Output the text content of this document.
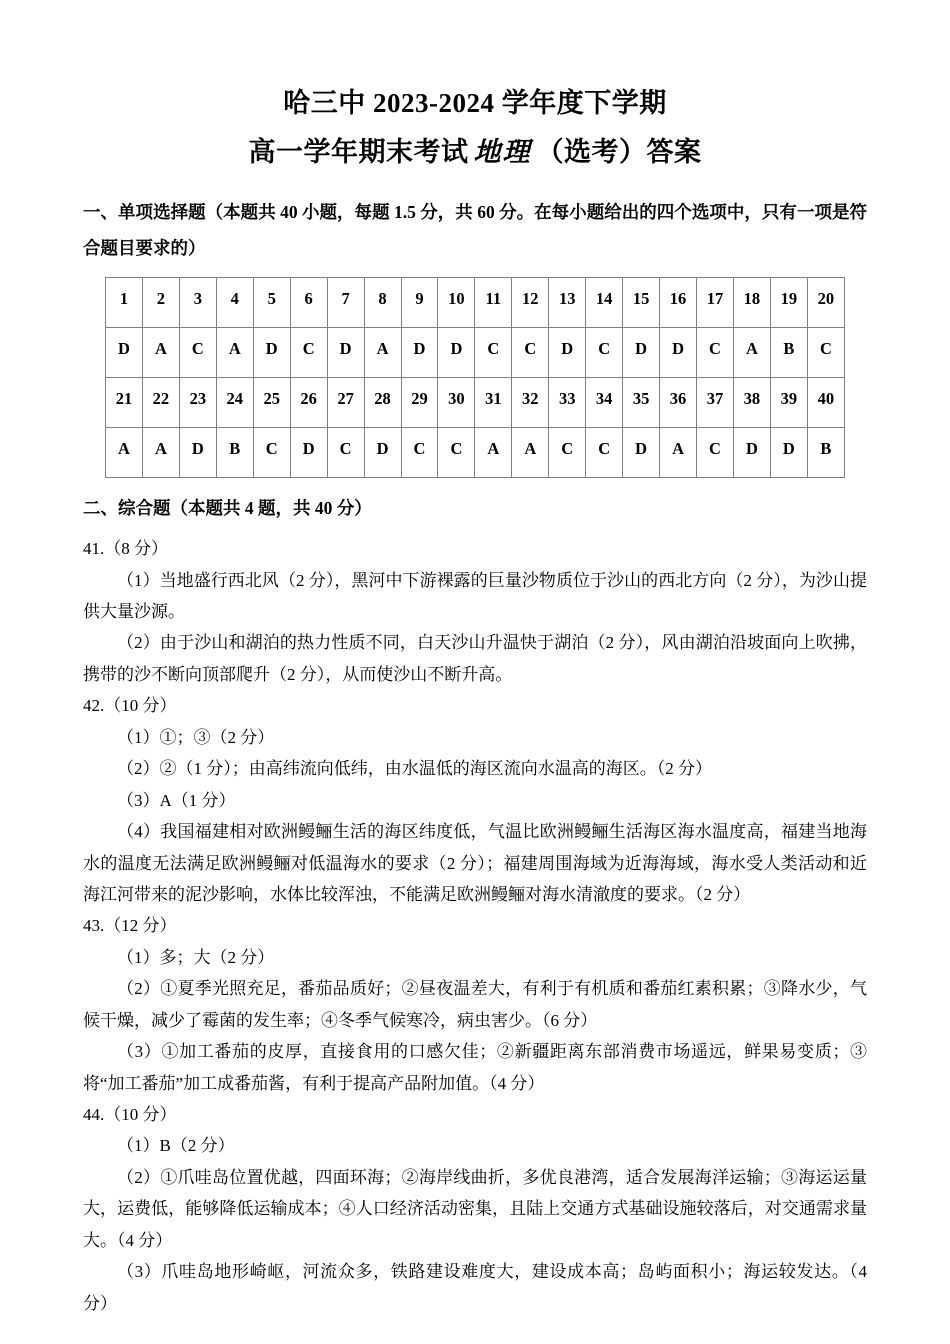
哈三中 2023-2024 学年度下学期
高一学年期末考试 地理 （选考）答案
一、单项选择题（本题共 40 小题，每题 1.5 分，共 60 分。在每小题给出的四个选项中，只有一项是符合题目要求的）
1	2	3	4	5	6	7	8	9	10	11	12	13	14	15	16	17	18	19	20
D	A	C	A	D	C	D	A	D	D	C	C	D	C	D	D	C	A	B	C
21	22	23	24	25	26	27	28	29	30	31	32	33	34	35	36	37	38	39	40
A	A	D	B	C	D	C	D	C	C	A	A	C	C	D	A	C	D	D	B
二、综合题（本题共 4 题，共 40 分）

41.（8 分）

（1）当地盛行西北风（2 分），黑河中下游裸露的巨量沙物质位于沙山的西北方向（2 分），为沙山提供大量沙源。

（2）由于沙山和湖泊的热力性质不同，白天沙山升温快于湖泊（2 分），风由湖泊沿坡面向上吹拂，携带的沙不断向顶部爬升（2 分），从而使沙山不断升高。

42.（10 分）

（1）①；③（2 分）

（2）②（1 分）；由高纬流向低纬，由水温低的海区流向水温高的海区。（2 分）

（3）A（1 分）

（4）我国福建相对欧洲鳗鲡生活的海区纬度低，气温比欧洲鳗鲡生活海区海水温度高，福建当地海水的温度无法满足欧洲鳗鲡对低温海水的要求（2 分）；福建周围海域为近海海域，海水受人类活动和近海江河带来的泥沙影响，水体比较浑浊，不能满足欧洲鳗鲡对海水清澈度的要求。（2 分）

43.（12 分）

（1）多；大（2 分）

（2）①夏季光照充足，番茄品质好；②昼夜温差大，有利于有机质和番茄红素积累；③降水少，气候干燥，减少了霉菌的发生率；④冬季气候寒冷，病虫害少。（6 分）

（3）①加工番茄的皮厚，直接食用的口感欠佳；②新疆距离东部消费市场遥远，鲜果易变质；③将“加工番茄”加工成番茄酱，有利于提高产品附加值。（4 分）

44.（10 分）

（1）B（2 分）

（2）①爪哇岛位置优越，四面环海；②海岸线曲折，多优良港湾，适合发展海洋运输；③海运运量大，运费低，能够降低运输成本；④人口经济活动密集，且陆上交通方式基础设施较落后，对交通需求量大。（4 分）

（3）爪哇岛地形崎岖，河流众多，铁路建设难度大，建设成本高；岛屿面积小；海运较发达。（4 分）
